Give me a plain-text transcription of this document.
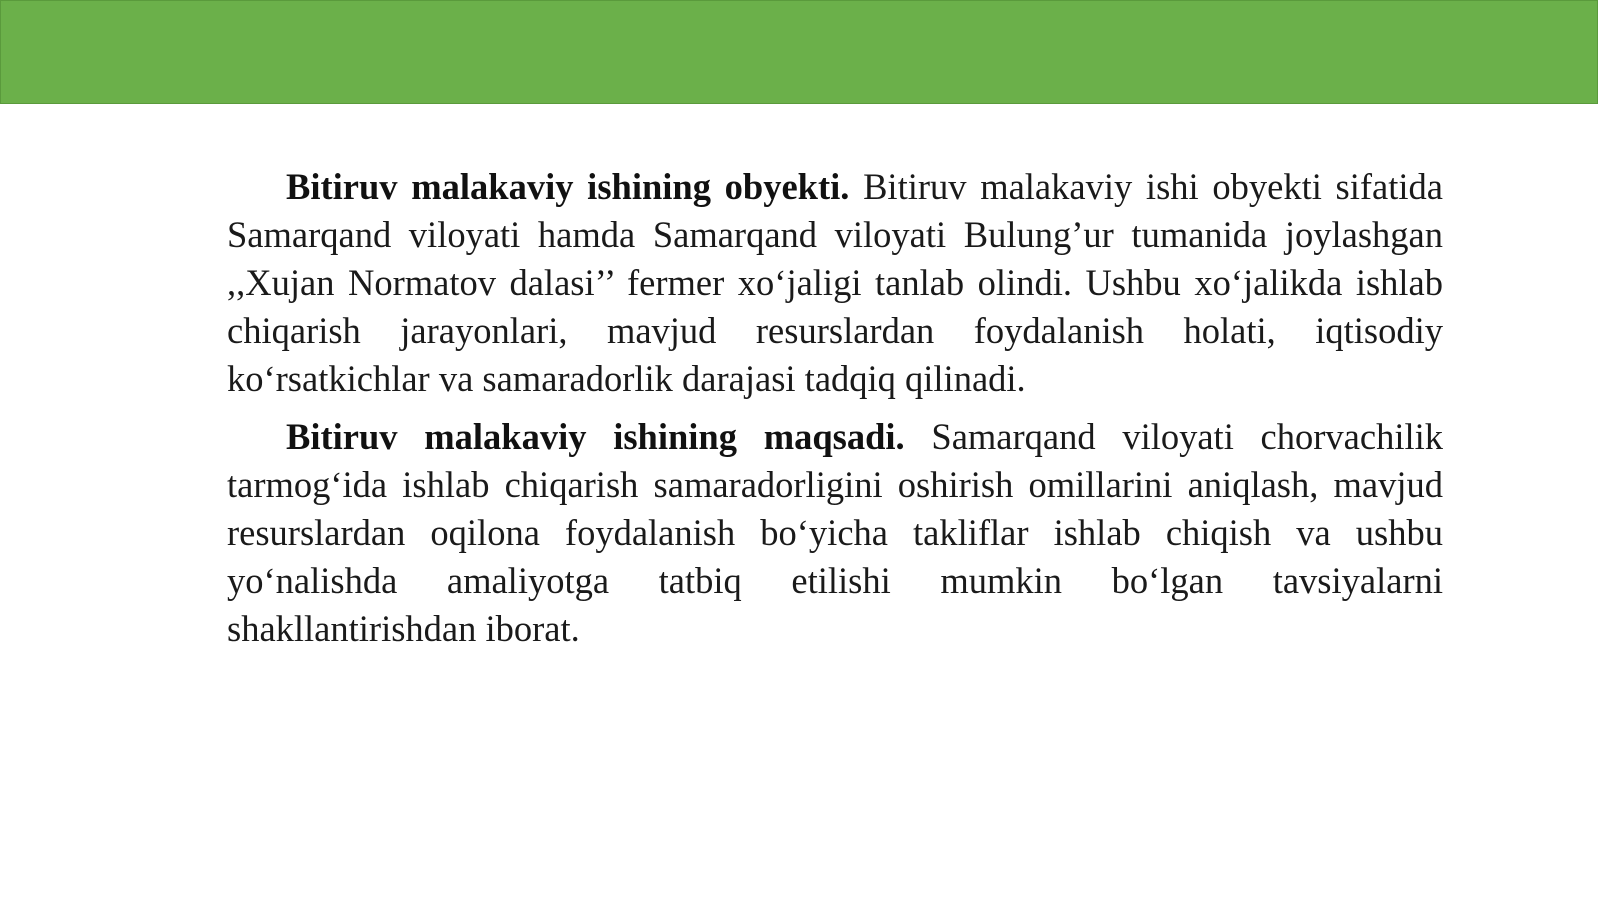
Bitiruv malakaviy ishining obyekti. Bitiruv malakaviy ishi obyekti sifatida Samarqand viloyati hamda Samarqand viloyati Bulung’ur tumanida joylashgan ,,Xujan Normatov dalasi’’ fermer xo‘jaligi tanlab olindi. Ushbu xo‘jalikda ishlab chiqarish jarayonlari, mavjud resurslardan foydalanish holati, iqtisodiy ko‘rsatkichlar va samaradorlik darajasi tadqiq qilinadi.

Bitiruv malakaviy ishining maqsadi. Samarqand viloyati chorvachilik tarmog‘ida ishlab chiqarish samaradorligini oshirish omillarini aniqlash, mavjud resurslardan oqilona foydalanish bo‘yicha takliflar ishlab chiqish va ushbu yo‘nalishda amaliyotga tatbiq etilishi mumkin bo‘lgan tavsiyalarni shakllantirishdan iborat.
